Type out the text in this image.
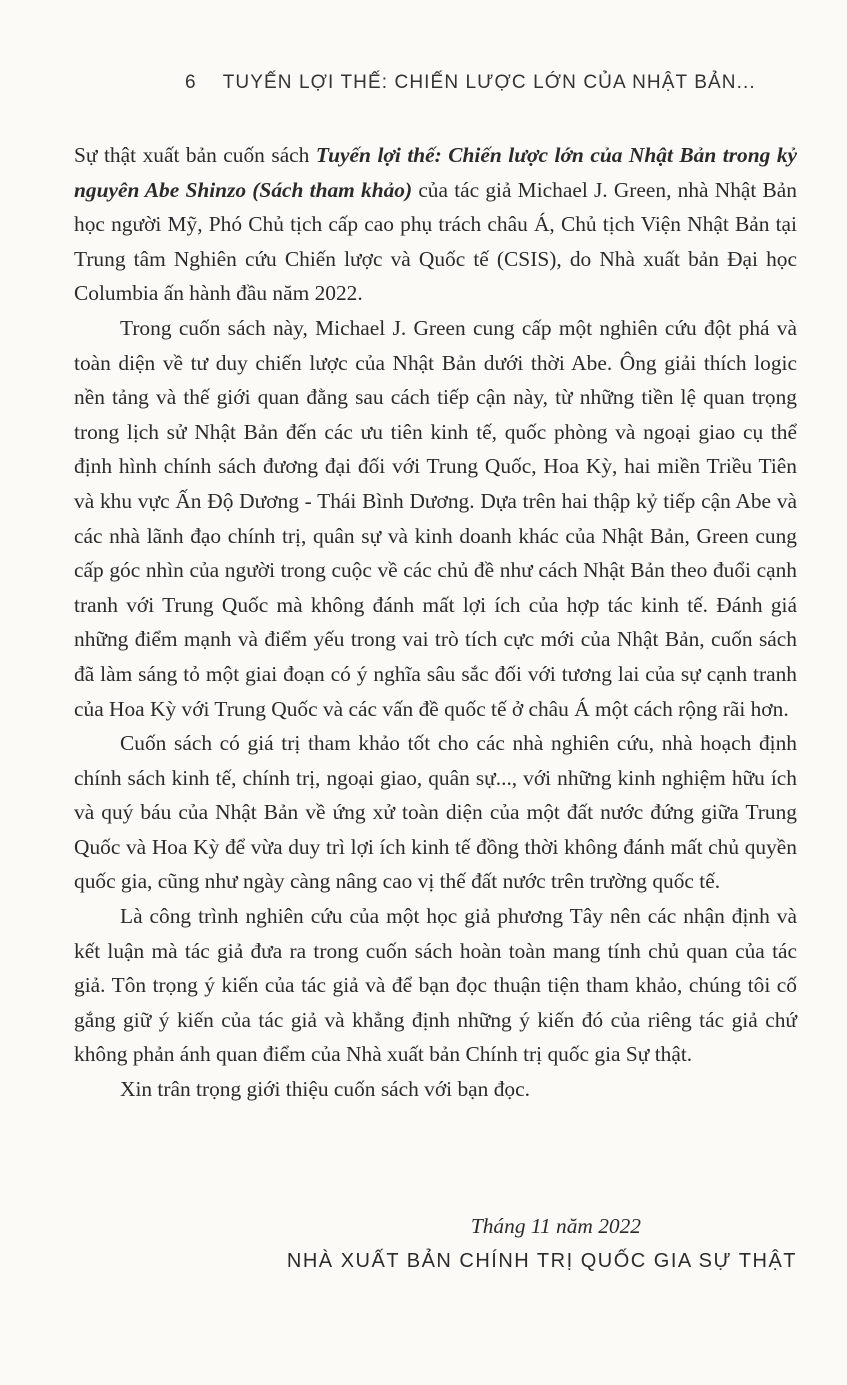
6 TUYẾN LỢI THẾ: CHIẾN LƯỢC LỚN CỦA NHẬT BẢN...

Sự thật xuất bản cuốn sách Tuyến lợi thế: Chiến lược lớn của Nhật Bản trong kỷ nguyên Abe Shinzo (Sách tham khảo) của tác giả Michael J. Green, nhà Nhật Bản học người Mỹ, Phó Chủ tịch cấp cao phụ trách châu Á, Chủ tịch Viện Nhật Bản tại Trung tâm Nghiên cứu Chiến lược và Quốc tế (CSIS), do Nhà xuất bản Đại học Columbia ấn hành đầu năm 2022.

Trong cuốn sách này, Michael J. Green cung cấp một nghiên cứu đột phá và toàn diện về tư duy chiến lược của Nhật Bản dưới thời Abe. Ông giải thích logic nền tảng và thế giới quan đằng sau cách tiếp cận này, từ những tiền lệ quan trọng trong lịch sử Nhật Bản đến các ưu tiên kinh tế, quốc phòng và ngoại giao cụ thể định hình chính sách đương đại đối với Trung Quốc, Hoa Kỳ, hai miền Triều Tiên và khu vực Ấn Độ Dương - Thái Bình Dương. Dựa trên hai thập kỷ tiếp cận Abe và các nhà lãnh đạo chính trị, quân sự và kinh doanh khác của Nhật Bản, Green cung cấp góc nhìn của người trong cuộc về các chủ đề như cách Nhật Bản theo đuổi cạnh tranh với Trung Quốc mà không đánh mất lợi ích của hợp tác kinh tế. Đánh giá những điểm mạnh và điểm yếu trong vai trò tích cực mới của Nhật Bản, cuốn sách đã làm sáng tỏ một giai đoạn có ý nghĩa sâu sắc đối với tương lai của sự cạnh tranh của Hoa Kỳ với Trung Quốc và các vấn đề quốc tế ở châu Á một cách rộng rãi hơn.

Cuốn sách có giá trị tham khảo tốt cho các nhà nghiên cứu, nhà hoạch định chính sách kinh tế, chính trị, ngoại giao, quân sự..., với những kinh nghiệm hữu ích và quý báu của Nhật Bản về ứng xử toàn diện của một đất nước đứng giữa Trung Quốc và Hoa Kỳ để vừa duy trì lợi ích kinh tế đồng thời không đánh mất chủ quyền quốc gia, cũng như ngày càng nâng cao vị thế đất nước trên trường quốc tế.

Là công trình nghiên cứu của một học giả phương Tây nên các nhận định và kết luận mà tác giả đưa ra trong cuốn sách hoàn toàn mang tính chủ quan của tác giả. Tôn trọng ý kiến của tác giả và để bạn đọc thuận tiện tham khảo, chúng tôi cố gắng giữ ý kiến của tác giả và khẳng định những ý kiến đó của riêng tác giả chứ không phản ánh quan điểm của Nhà xuất bản Chính trị quốc gia Sự thật.

Xin trân trọng giới thiệu cuốn sách với bạn đọc.

Tháng 11 năm 2022
NHÀ XUẤT BẢN CHÍNH TRỊ QUỐC GIA SỰ THẬT
